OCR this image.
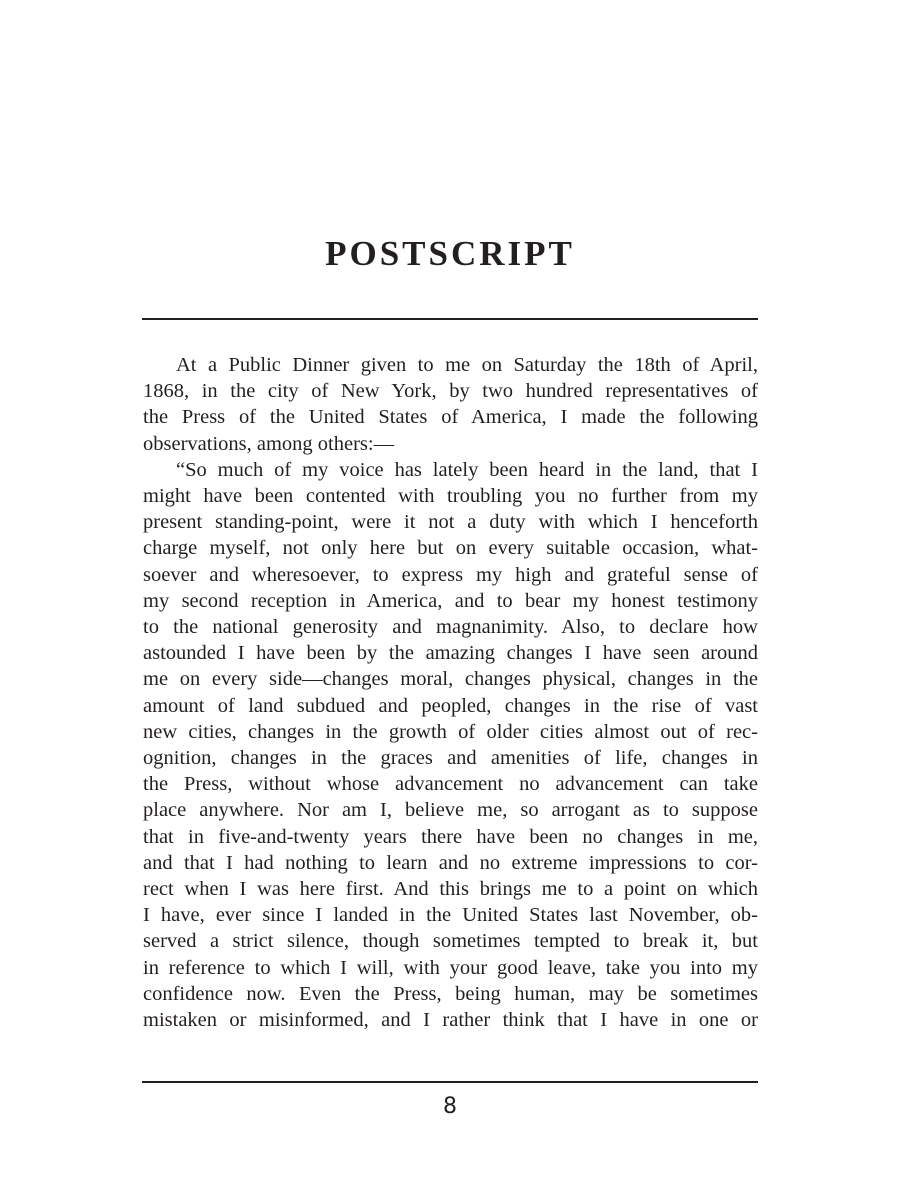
POSTSCRIPT
At a Public Dinner given to me on Saturday the 18th of April,
1868, in the city of New York, by two hundred representatives of
the Press of the United States of America, I made the following
observations, among others:—
“So much of my voice has lately been heard in the land, that I
might have been contented with troubling you no further from my
present standing-point, were it not a duty with which I henceforth
charge myself, not only here but on every suitable occasion, what-
soever and wheresoever, to express my high and grateful sense of
my second reception in America, and to bear my honest testimony
to the national generosity and magnanimity. Also, to declare how
astounded I have been by the amazing changes I have seen around
me on every side—changes moral, changes physical, changes in the
amount of land subdued and peopled, changes in the rise of vast
new cities, changes in the growth of older cities almost out of rec-
ognition, changes in the graces and amenities of life, changes in
the Press, without whose advancement no advancement can take
place anywhere. Nor am I, believe me, so arrogant as to suppose
that in five-and-twenty years there have been no changes in me,
and that I had nothing to learn and no extreme impressions to cor-
rect when I was here first. And this brings me to a point on which
I have, ever since I landed in the United States last November, ob-
served a strict silence, though sometimes tempted to break it, but
in reference to which I will, with your good leave, take you into my
confidence now. Even the Press, being human, may be sometimes
mistaken or misinformed, and I rather think that I have in one or
8
